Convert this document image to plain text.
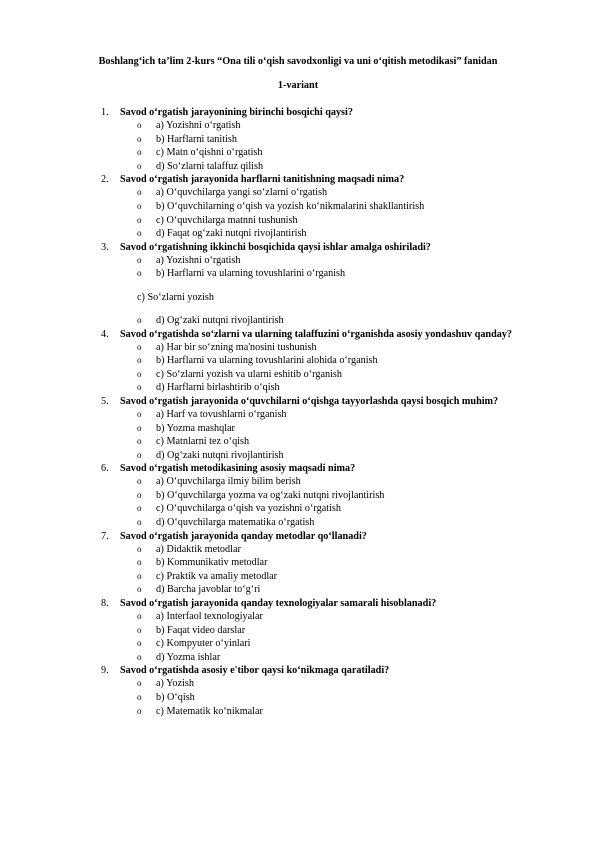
Boshlang‘ich ta’lim 2-kurs “Ona tili o‘qish savodxonligi va uni o‘qitish metodikasi” fanidan
1-variant
1. Savod o‘rgatish jarayonining birinchi bosqichi qaysi?
o a) Yozishni o‘rgatish
o b) Harflarni tanitish
o c) Matn o‘qishni o‘rgatish
o d) So‘zlarni talaffuz qilish
2. Savod o‘rgatish jarayonida harflarni tanitishning maqsadi nima?
o a) O‘quvchilarga yangi so‘zlarni o‘rgatish
o b) O‘quvchilarning o‘qish va yozish ko‘nikmalarini shakllantirish
o c) O‘quvchilarga matnni tushunish
o d) Faqat og‘zaki nutqni rivojlantirish
3. Savod o‘rgatishning ikkinchi bosqichida qaysi ishlar amalga oshiriladi?
o a) Yozishni o‘rgatish
o b) Harflarni va ularning tovushlarini o‘rganish
c) So‘zlarni yozish
o d) Og‘zaki nutqni rivojlantirish
4. Savod o‘rgatishda so‘zlarni va ularning talaffuzini o‘rganishda asosiy yondashuv qanday?
o a) Har bir so‘zning ma'nosini tushunish
o b) Harflarni va ularning tovushlarini alohida o‘rganish
o c) So‘zlarni yozish va ularni eshitib o‘rganish
o d) Harflarni birlashtirib o‘qish
5. Savod o‘rgatish jarayonida o‘quvchilarni o‘qishga tayyorlashda qaysi bosqich muhim?
o a) Harf va tovushlarni o‘rganish
o b) Yozma mashqlar
o c) Matnlarni tez o‘qish
o d) Og‘zaki nutqni rivojlantirish
6. Savod o‘rgatish metodikasining asosiy maqsadi nima?
o a) O‘quvchilarga ilmiy bilim berish
o b) O‘quvchilarga yozma va og‘zaki nutqni rivojlantirish
o c) O‘quvchilarga o‘qish va yozishni o‘rgatish
o d) O‘quvchilarga matematika o‘rgatish
7. Savod o‘rgatish jarayonida qanday metodlar qo‘llanadi?
o a) Didaktik metodlar
o b) Kommunikativ metodlar
o c) Praktik va amaliy metodlar
o d) Barcha javoblar to‘g‘ri
8. Savod o‘rgatish jarayonida qanday texnologiyalar samarali hisoblanadi?
o a) Interfaol texnologiyalar
o b) Faqat video darslar
o c) Kompyuter o‘yinlari
o d) Yozma ishlar
9. Savod o‘rgatishda asosiy e'tibor qaysi ko‘nikmaga qaratiladi?
o a) Yozish
o b) O‘qish
o c) Matematik ko‘nikmalar
